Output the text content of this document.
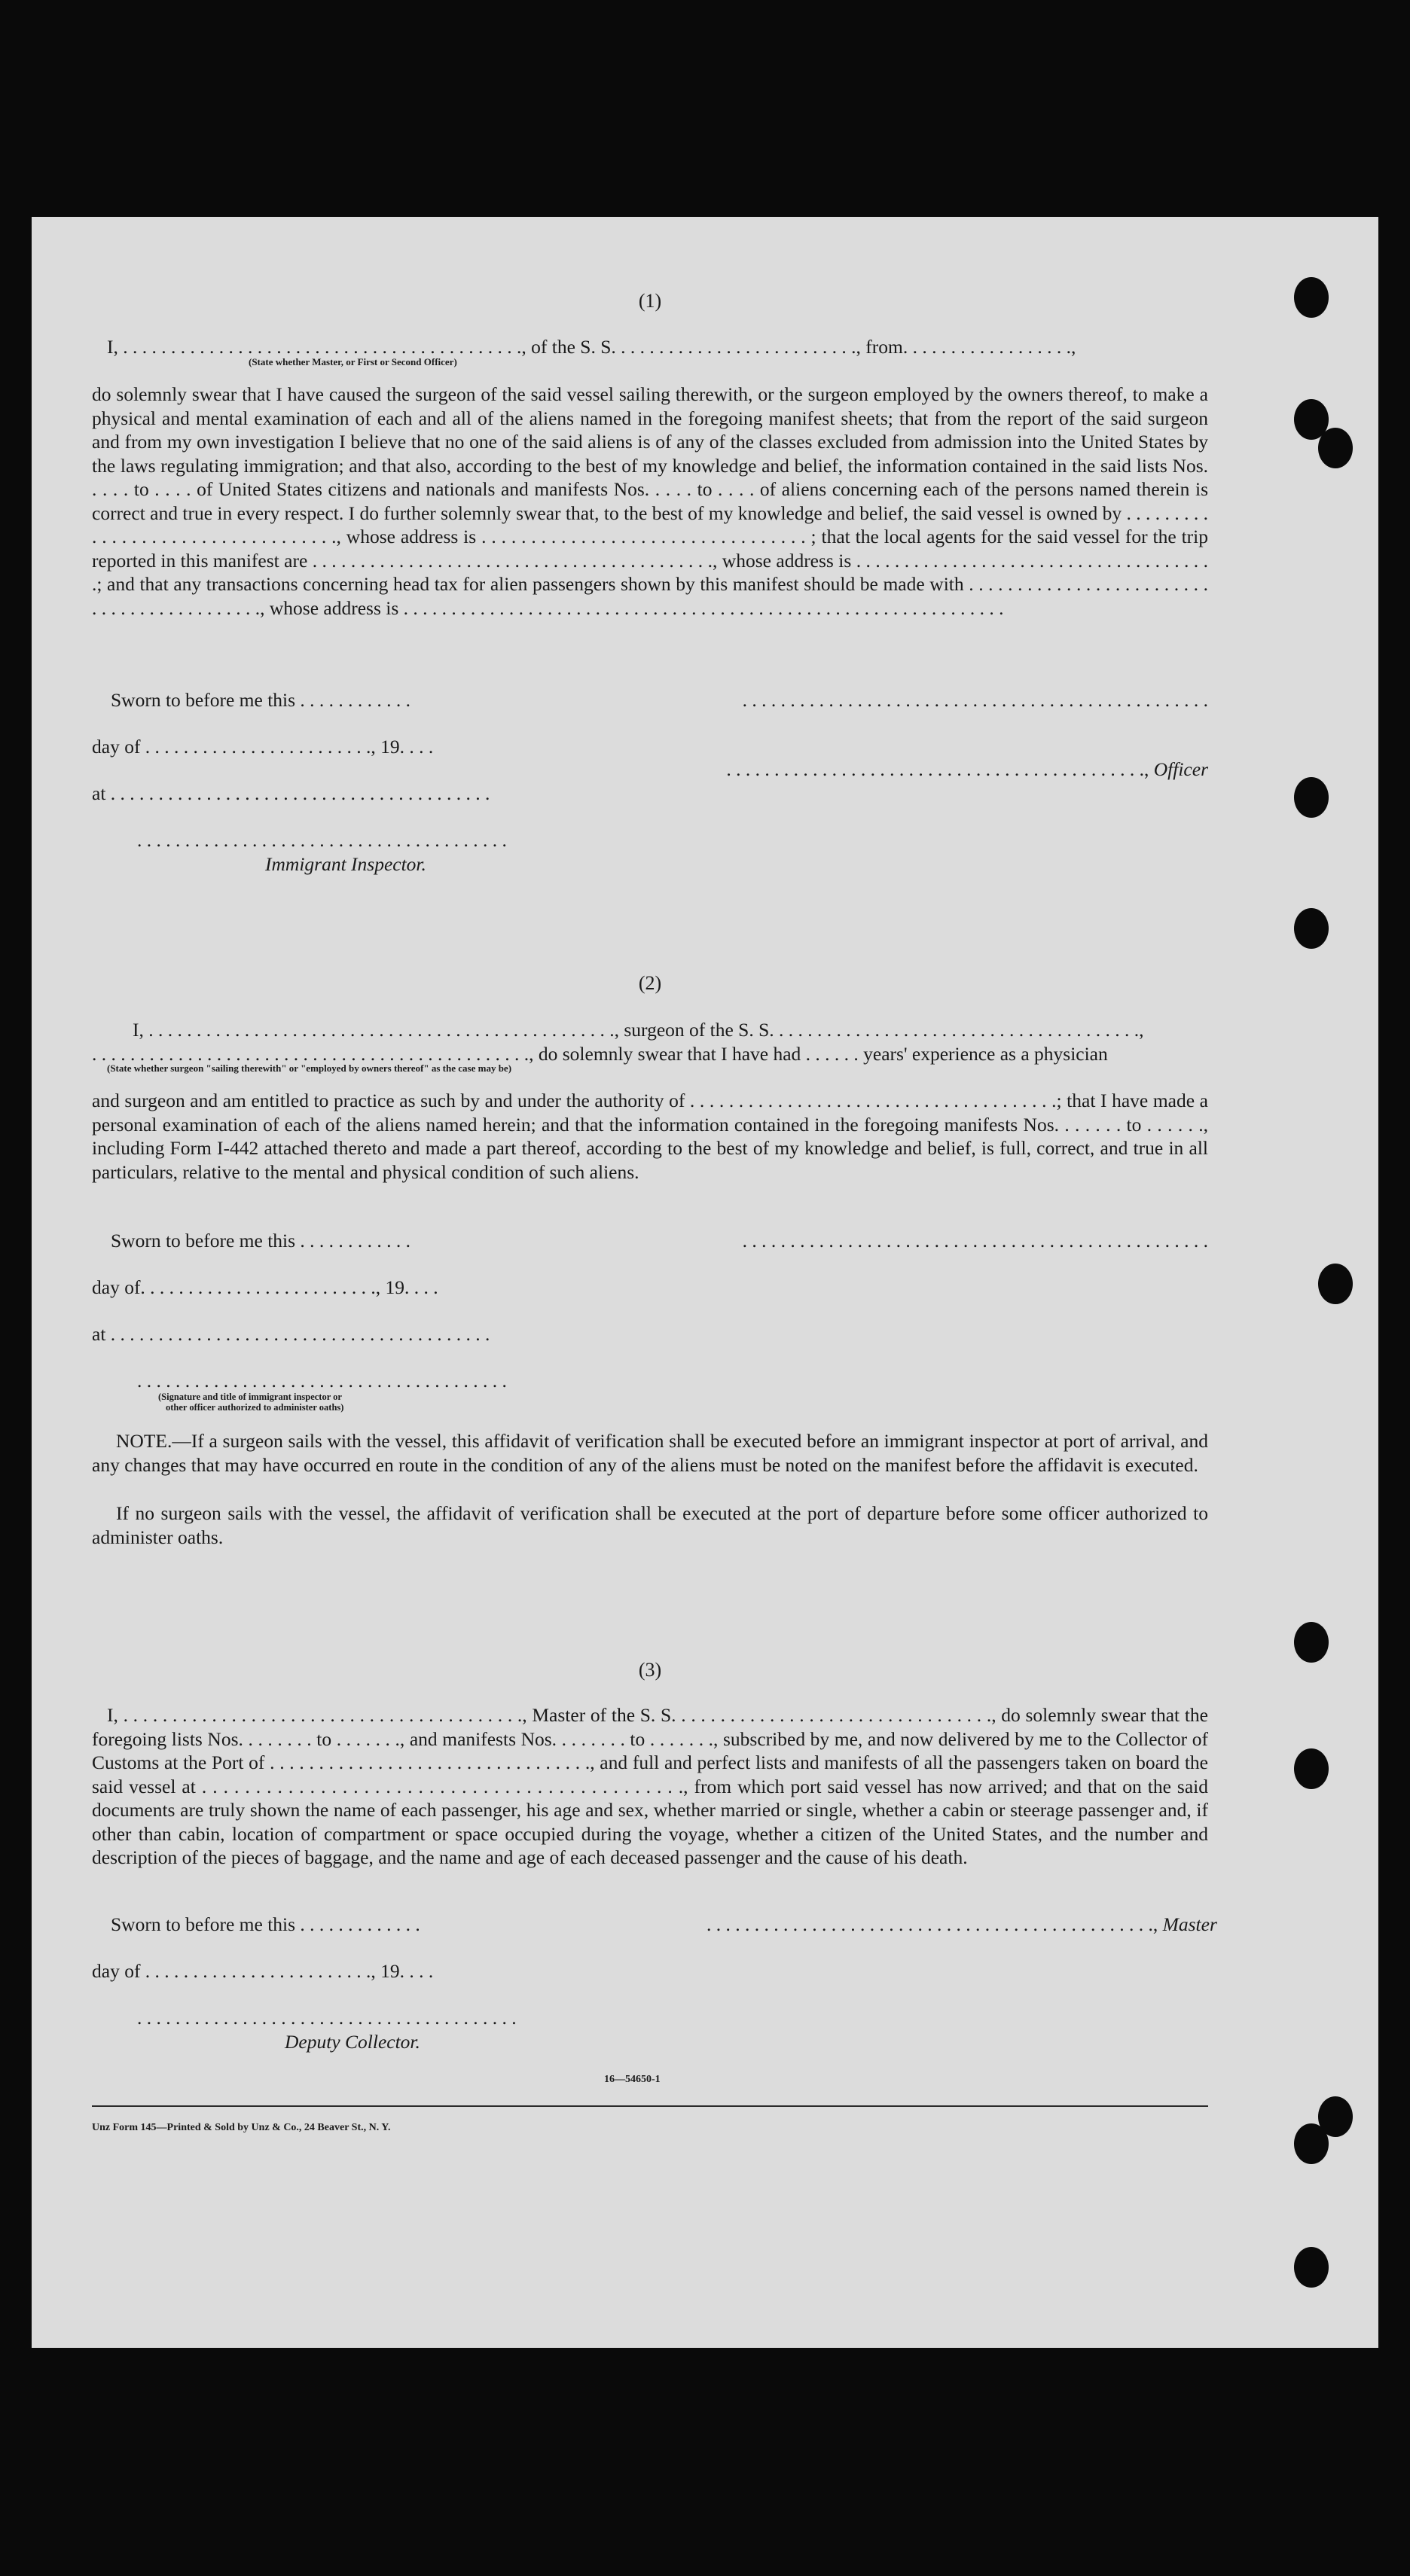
(1)
I, . . . . . . . . . . . . . . . . . . . . . . . . . . . . . . . . . . . . . . . . . ., of the S. S. . . . . . . . . . . . . . . . . . . . . . . . . ., from. . . . . . . . . . . . . . . . . .,
(State whether Master, or First or Second Officer)
do solemnly swear that I have caused the surgeon of the said vessel sailing therewith, or the surgeon employed by the owners thereof, to make a physical and mental examination of each and all of the aliens named in the foregoing manifest sheets; that from the report of the said surgeon and from my own investigation I believe that no one of the said aliens is of any of the classes excluded from admission into the United States by the laws regulating immigration; and that also, according to the best of my knowledge and belief, the information contained in the said lists Nos. . . . . to . . . . of United States citizens and nationals and manifests Nos. . . . . to . . . . of aliens concerning each of the persons named therein is correct and true in every respect. I do further solemnly swear that, to the best of my knowledge and belief, the said vessel is owned by . . . . . . . . . . . . . . . . . . . . . . . . . . . . . . . . . ., whose address is . . . . . . . . . . . . . . . . . . . . . . . . . . . . . . . . . ; that the local agents for the said vessel for the trip reported in this manifest are . . . . . . . . . . . . . . . . . . . . . . . . . . . . . . . . . . . . . . . . . ., whose address is . . . . . . . . . . . . . . . . . . . . . . . . . . . . . . . . . . . . . .; and that any transactions concerning head tax for alien passengers shown by this manifest should be made with . . . . . . . . . . . . . . . . . . . . . . . . . . . . . . . . . . . . . . . . . . ., whose address is . . . . . . . . . . . . . . . . . . . . . . . . . . . . . . . . . . . . . . . . . . . . . . . . . . . . . . . . . . . . . . .
Sworn to before me this . . . . . . . . . . . .	. . . . . . . . . . . . . . . . . . . . . . . . . . . . . . . . . . . . . . . . . . . . . . . . .
day of . . . . . . . . . . . . . . . . . . . . . . . ., 19. . . .
. . . . . . . . . . . . . . . . . . . . . . . . . . . . . . . . . . . . . . . . . . . ., Officer
at . . . . . . . . . . . . . . . . . . . . . . . . . . . . . . . . . . . . . . . .
. . . . . . . . . . . . . . . . . . . . . . . . . . . . . . . . . . . . . . .
Immigrant Inspector.
(2)
I, . . . . . . . . . . . . . . . . . . . . . . . . . . . . . . . . . . . . . . . . . . . . . . . . ., surgeon of the S. S. . . . . . . . . . . . . . . . . . . . . . . . . . . . . . . . . . . . . . .,
. . . . . . . . . . . . . . . . . . . . . . . . . . . . . . . . . . . . . . . . . . . . . ., do solemnly swear that I have had . . . . . . years' experience as a physician
(State whether surgeon "sailing therewith" or "employed by owners thereof" as the case may be)
and surgeon and am entitled to practice as such by and under the authority of . . . . . . . . . . . . . . . . . . . . . . . . . . . . . . . . . . . . . .; that I have made a personal examination of each of the aliens named herein; and that the information contained in the foregoing manifests Nos. . . . . . . to . . . . . ., including Form I-442 attached thereto and made a part thereof, according to the best of my knowledge and belief, is full, correct, and true in all particulars, relative to the mental and physical condition of such aliens.
Sworn to before me this . . . . . . . . . . . .	. . . . . . . . . . . . . . . . . . . . . . . . . . . . . . . . . . . . . . . . . . . . . . . . .
day of. . . . . . . . . . . . . . . . . . . . . . . . ., 19. . . .
at . . . . . . . . . . . . . . . . . . . . . . . . . . . . . . . . . . . . . . . .
. . . . . . . . . . . . . . . . . . . . . . . . . . . . . . . . . . . . . . .
(Signature and title of immigrant inspector or
other officer authorized to administer oaths)
NOTE.—If a surgeon sails with the vessel, this affidavit of verification shall be executed before an immigrant inspector at port of arrival, and any changes that may have occurred en route in the condition of any of the aliens must be noted on the manifest before the affidavit is executed.
If no surgeon sails with the vessel, the affidavit of verification shall be executed at the port of departure before some officer authorized to administer oaths.
(3)
I, . . . . . . . . . . . . . . . . . . . . . . . . . . . . . . . . . . . . . . . . ., Master of the S. S. . . . . . . . . . . . . . . . . . . . . . . . . . . . . . . . ., do solemnly swear that the foregoing lists Nos. . . . . . . . to . . . . . . ., and manifests Nos. . . . . . . . to . . . . . . ., subscribed by me, and now delivered by me to the Collector of Customs at the Port of . . . . . . . . . . . . . . . . . . . . . . . . . . . . . . . . ., and full and perfect lists and manifests of all the passengers taken on board the said vessel at . . . . . . . . . . . . . . . . . . . . . . . . . . . . . . . . . . . . . . . . . . . . ., from which port said vessel has now arrived; and that on the said documents are truly shown the name of each passenger, his age and sex, whether married or single, whether a cabin or steerage passenger and, if other than cabin, location of compartment or space occupied during the voyage, whether a citizen of the United States, and the number and description of the pieces of baggage, and the name and age of each deceased passenger and the cause of his death.
Sworn to before me this . . . . . . . . . . . . .	. . . . . . . . . . . . . . . . . . . . . . . . . . . . . . . . . . . . . . . . . . . . . . ., Master
day of . . . . . . . . . . . . . . . . . . . . . . . ., 19. . . .
. . . . . . . . . . . . . . . . . . . . . . . . . . . . . . . . . . . . . . . .
Deputy Collector.
16—54650-1
Unz Form 145—Printed & Sold by Unz & Co., 24 Beaver St., N. Y.
